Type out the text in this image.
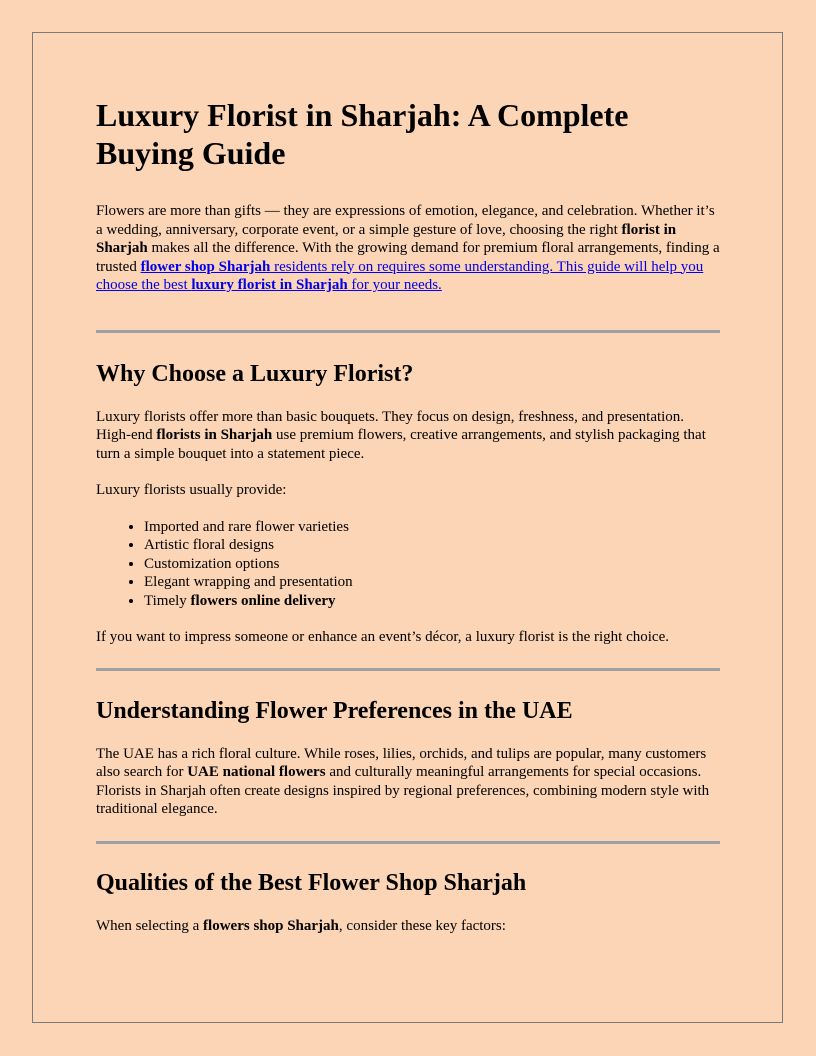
Luxury Florist in Sharjah: A Complete Buying Guide

Flowers are more than gifts — they are expressions of emotion, elegance, and celebration. Whether it’s a wedding, anniversary, corporate event, or a simple gesture of love, choosing the right florist in Sharjah makes all the difference. With the growing demand for premium floral arrangements, finding a trusted flower shop Sharjah residents rely on requires some understanding. This guide will help you choose the best luxury florist in Sharjah for your needs.

Why Choose a Luxury Florist?

Luxury florists offer more than basic bouquets. They focus on design, freshness, and presentation. High-end florists in Sharjah use premium flowers, creative arrangements, and stylish packaging that turn a simple bouquet into a statement piece.

Luxury florists usually provide:

• Imported and rare flower varieties
• Artistic floral designs
• Customization options
• Elegant wrapping and presentation
• Timely flowers online delivery

If you want to impress someone or enhance an event’s décor, a luxury florist is the right choice.

Understanding Flower Preferences in the UAE

The UAE has a rich floral culture. While roses, lilies, orchids, and tulips are popular, many customers also search for UAE national flowers and culturally meaningful arrangements for special occasions. Florists in Sharjah often create designs inspired by regional preferences, combining modern style with traditional elegance.

Qualities of the Best Flower Shop Sharjah

When selecting a flowers shop Sharjah, consider these key factors:
